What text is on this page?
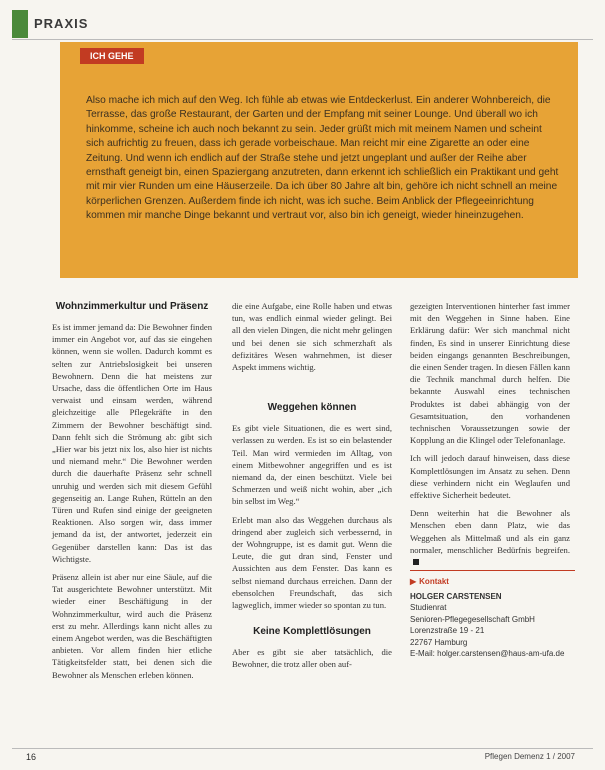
PRAXIS
ICH GEHE
Also mache ich mich auf den Weg. Ich fühle ab etwas wie Entdeckerlust. Ein anderer Wohnbereich, die Terrasse, das große Restaurant, der Garten und der Empfang mit seiner Lounge. Und überall wo ich hinkomme, scheine ich auch noch bekannt zu sein. Jeder grüßt mich mit meinem Namen und scheint sich aufrichtig zu freuen, dass ich gerade vorbeischaue. Man reicht mir eine Zigarette an oder eine Zeitung. Und wenn ich endlich auf der Straße stehe und jetzt ungeplant und außer der Reihe aber ernsthaft geneigt bin, einen Spaziergang anzutreten, dann erkennt ich schließlich ein Praktikant und geht mit mir vier Runden um eine Häuserzeile. Da ich über 80 Jahre alt bin, gehöre ich nicht schnell an meine körperlichen Grenzen. Außerdem finde ich nicht, was ich suche. Beim Anblick der Pflegeeinrichtung kommen mir manche Dinge bekannt und vertraut vor, also bin ich geneigt, wieder hineinzugehen.
Wohnzimmerkultur und Präsenz

Es ist immer jemand da: Die Bewohner finden immer ein Angebot vor, auf das sie eingehen können, wenn sie wollen. Dadurch kommt es selten zur Antriebslosigkeit bei unseren Bewohnern. Denn die hat meistens zur Ursache, dass die öffentlichen Orte im Haus verwaist und einsam werden, während gleichzeitige alle Pflegekräfte in den Zimmern der Bewohner beschäftigt sind. Dann fehlt sich die Strömung ab: gibt sich „Hier war bis jetzt nix los, also hier ist nichts und niemand mehr.“ Die Bewohner werden durch die dauerhafte Präsenz sehr schnell unruhig und werden sich mit diesem Gefühl gegenseitig an. Lange Ruhen, Rütteln an den Türen und Rufen sind einige der geeigneten Reaktionen. Also sorgen wir, dass immer jemand da ist, der antwortet, jederzeit ein Gegenüber darstellen kann: Das ist das Wichtigste.

Präsenz allein ist aber nur eine Säule, auf die Tat ausgerichtete Bewohner unterstützt. Mit wieder einer Beschäftigung in der Wohnzimmerkultur, wird auch die Präsenz erst zu mehr. Allerdings kann nicht alles zu einem Angebot werden, was die Beschäftigten anbieten. Vor allem finden hier etliche Tätigkeitsfelder statt, bei denen sich die Bewohner als Menschen erleben können.

die eine Aufgabe, eine Rolle haben und etwas tun, was endlich einmal wieder gelingt. Bei all den vielen Dingen, die nicht mehr gelingen und bei denen sie sich schmerzhaft als defizitäres Wesen wahrnehmen, ist dieser Aspekt immens wichtig.

Weggehen können

Es gibt viele Situationen, die es wert sind, verlassen zu werden. Es ist so ein belastender Teil. Man wird vermieden im Alltag, von einem Mitbewohner angegriffen und es ist niemand da, der einen beschützt. Viele bei Schmerzen und weiß nicht wohin, aber „ich bin selbst im Weg.“

Erlebt man also das Weggehen durchaus als dringend aber zugleich sich verbessernd, in der Wohngruppe, ist es damit gut. Wenn die Leute, die gut dran sind, Fenster und Aussichten aus dem Fenster. Das kann es selbst niemand durchaus erreichen. Dann der ebensolchen Freundschaft, das sich lagweglich, immer wieder so spontan zu tun.

Keine Komplettlösungen

Aber es gibt sie aber tatsächlich, die Bewohner, die trotz aller oben auf-

gezeigten Interventionen hinterher fast immer mit den Weggehen in Sinne haben. Eine Erklärung dafür: Wer sich manchmal nicht finden, Es sind in unserer Einrichtung diese beiden eingangs genannten Beschreibungen, die einen Sender tragen. In diesen Fällen kann die Technik manchmal durch helfen. Die bekannte Auswahl eines technischen Produktes ist dabei abhängig von der Gesamtsituation, den vorhandenen technischen Voraussetzungen sowie der Kopplung an die Klingel oder Telefonanlage.

Ich will jedoch darauf hinweisen, dass diese Komplettlösungen im Ansatz zu sehen. Denn diese verhindern nicht ein Weglaufen und effektive Sicherheit bedeutet.

Denn weiterhin hat die Bewohner als Menschen eben dann Platz, wie das Weggehen als Mittelmaß und als ein ganz normaler, menschlicher Bedürfnis begreifen.

▶ Kontakt
HOLGER CARSTENSEN
Studienrat
Senioren-Pflegegesellschaft GmbH
Lorenzstraße 19 - 21
22767 Hamburg
E-Mail: holger.carstensen@haus-am-ufa.de
16	Pflegen Demenz 1 / 2007
